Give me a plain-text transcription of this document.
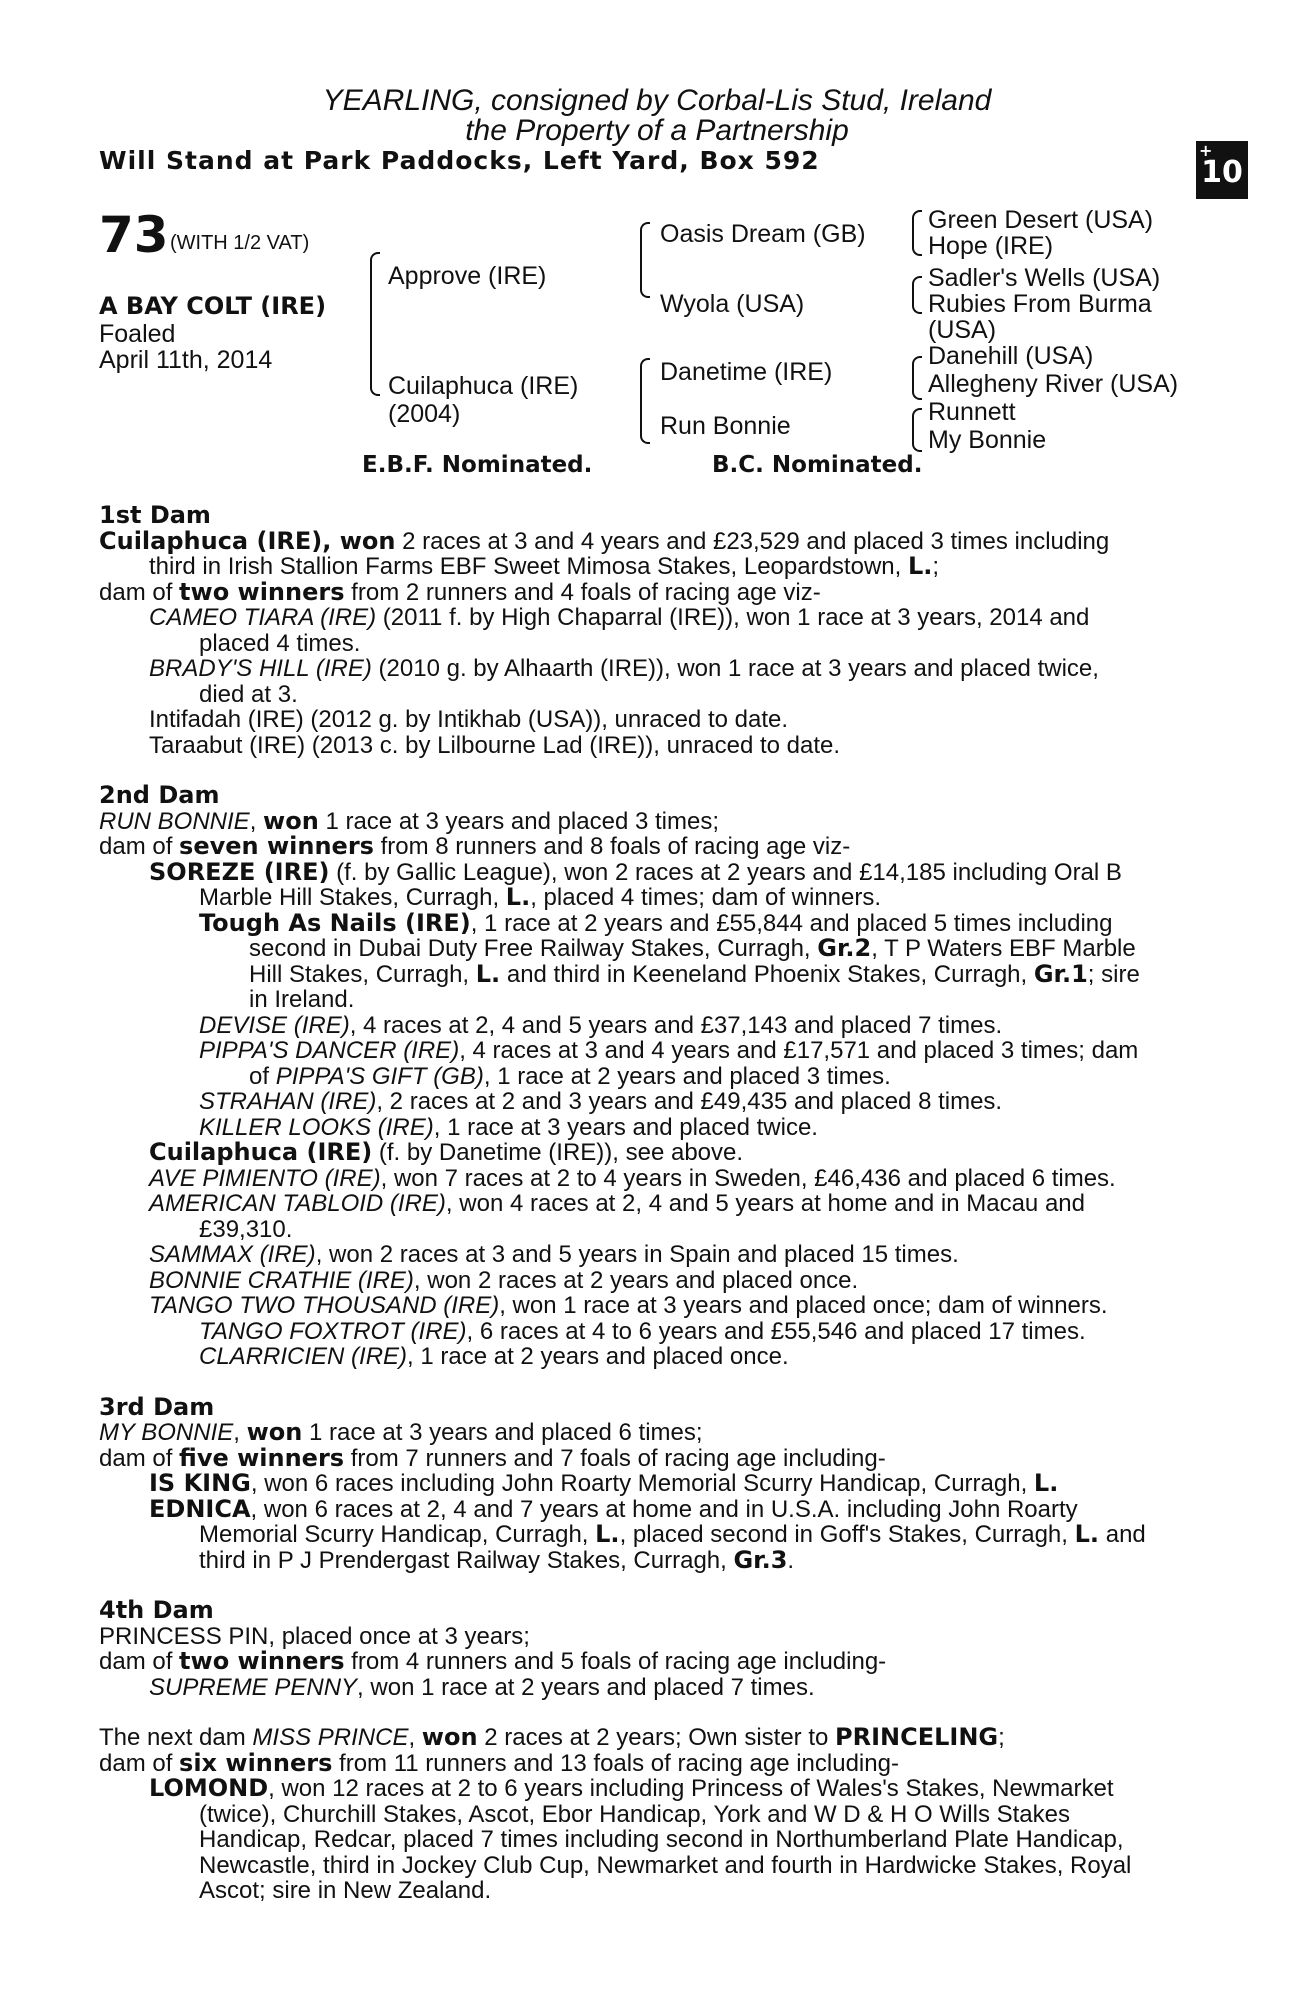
YEARLING, consigned by Corbal-Lis Stud, Ireland
the Property of a Partnership
Will Stand at Park Paddocks, Left Yard, Box 592	+
10
73 (WITH 1/2 VAT)
A BAY COLT (IRE)
Foaled
April 11th, 2014
Approve (IRE)
Cuilaphuca (IRE)
(2004)
Oasis Dream (GB)
Wyola (USA)
Danetime (IRE)
Run Bonnie
Green Desert (USA)
Hope (IRE)
Sadler's Wells (USA)
Rubies From Burma
(USA)
Danehill (USA)
Allegheny River (USA)
Runnett
My Bonnie
E.B.F. Nominated.	B.C. Nominated.
1st Dam
Cuilaphuca (IRE), won 2 races at 3 and 4 years and £23,529 and placed 3 times including
third in Irish Stallion Farms EBF Sweet Mimosa Stakes, Leopardstown, L.;
dam of two winners from 2 runners and 4 foals of racing age viz-
CAMEO TIARA (IRE) (2011 f. by High Chaparral (IRE)), won 1 race at 3 years, 2014 and
placed 4 times.
BRADY'S HILL (IRE) (2010 g. by Alhaarth (IRE)), won 1 race at 3 years and placed twice,
died at 3.
Intifadah (IRE) (2012 g. by Intikhab (USA)), unraced to date.
Taraabut (IRE) (2013 c. by Lilbourne Lad (IRE)), unraced to date.
2nd Dam
RUN BONNIE, won 1 race at 3 years and placed 3 times;
dam of seven winners from 8 runners and 8 foals of racing age viz-
SOREZE (IRE) (f. by Gallic League), won 2 races at 2 years and £14,185 including Oral B
Marble Hill Stakes, Curragh, L., placed 4 times; dam of winners.
Tough As Nails (IRE), 1 race at 2 years and £55,844 and placed 5 times including
second in Dubai Duty Free Railway Stakes, Curragh, Gr.2, T P Waters EBF Marble
Hill Stakes, Curragh, L. and third in Keeneland Phoenix Stakes, Curragh, Gr.1; sire
in Ireland.
DEVISE (IRE), 4 races at 2, 4 and 5 years and £37,143 and placed 7 times.
PIPPA'S DANCER (IRE), 4 races at 3 and 4 years and £17,571 and placed 3 times; dam
of PIPPA'S GIFT (GB), 1 race at 2 years and placed 3 times.
STRAHAN (IRE), 2 races at 2 and 3 years and £49,435 and placed 8 times.
KILLER LOOKS (IRE), 1 race at 3 years and placed twice.
Cuilaphuca (IRE) (f. by Danetime (IRE)), see above.
AVE PIMIENTO (IRE), won 7 races at 2 to 4 years in Sweden, £46,436 and placed 6 times.
AMERICAN TABLOID (IRE), won 4 races at 2, 4 and 5 years at home and in Macau and
£39,310.
SAMMAX (IRE), won 2 races at 3 and 5 years in Spain and placed 15 times.
BONNIE CRATHIE (IRE), won 2 races at 2 years and placed once.
TANGO TWO THOUSAND (IRE), won 1 race at 3 years and placed once; dam of winners.
TANGO FOXTROT (IRE), 6 races at 4 to 6 years and £55,546 and placed 17 times.
CLARRICIEN (IRE), 1 race at 2 years and placed once.
3rd Dam
MY BONNIE, won 1 race at 3 years and placed 6 times;
dam of five winners from 7 runners and 7 foals of racing age including-
IS KING, won 6 races including John Roarty Memorial Scurry Handicap, Curragh, L.
EDNICA, won 6 races at 2, 4 and 7 years at home and in U.S.A. including John Roarty
Memorial Scurry Handicap, Curragh, L., placed second in Goff's Stakes, Curragh, L. and
third in P J Prendergast Railway Stakes, Curragh, Gr.3.
4th Dam
PRINCESS PIN, placed once at 3 years;
dam of two winners from 4 runners and 5 foals of racing age including-
SUPREME PENNY, won 1 race at 2 years and placed 7 times.
The next dam MISS PRINCE, won 2 races at 2 years; Own sister to PRINCELING;
dam of six winners from 11 runners and 13 foals of racing age including-
LOMOND, won 12 races at 2 to 6 years including Princess of Wales's Stakes, Newmarket
(twice), Churchill Stakes, Ascot, Ebor Handicap, York and W D & H O Wills Stakes
Handicap, Redcar, placed 7 times including second in Northumberland Plate Handicap,
Newcastle, third in Jockey Club Cup, Newmarket and fourth in Hardwicke Stakes, Royal
Ascot; sire in New Zealand.
